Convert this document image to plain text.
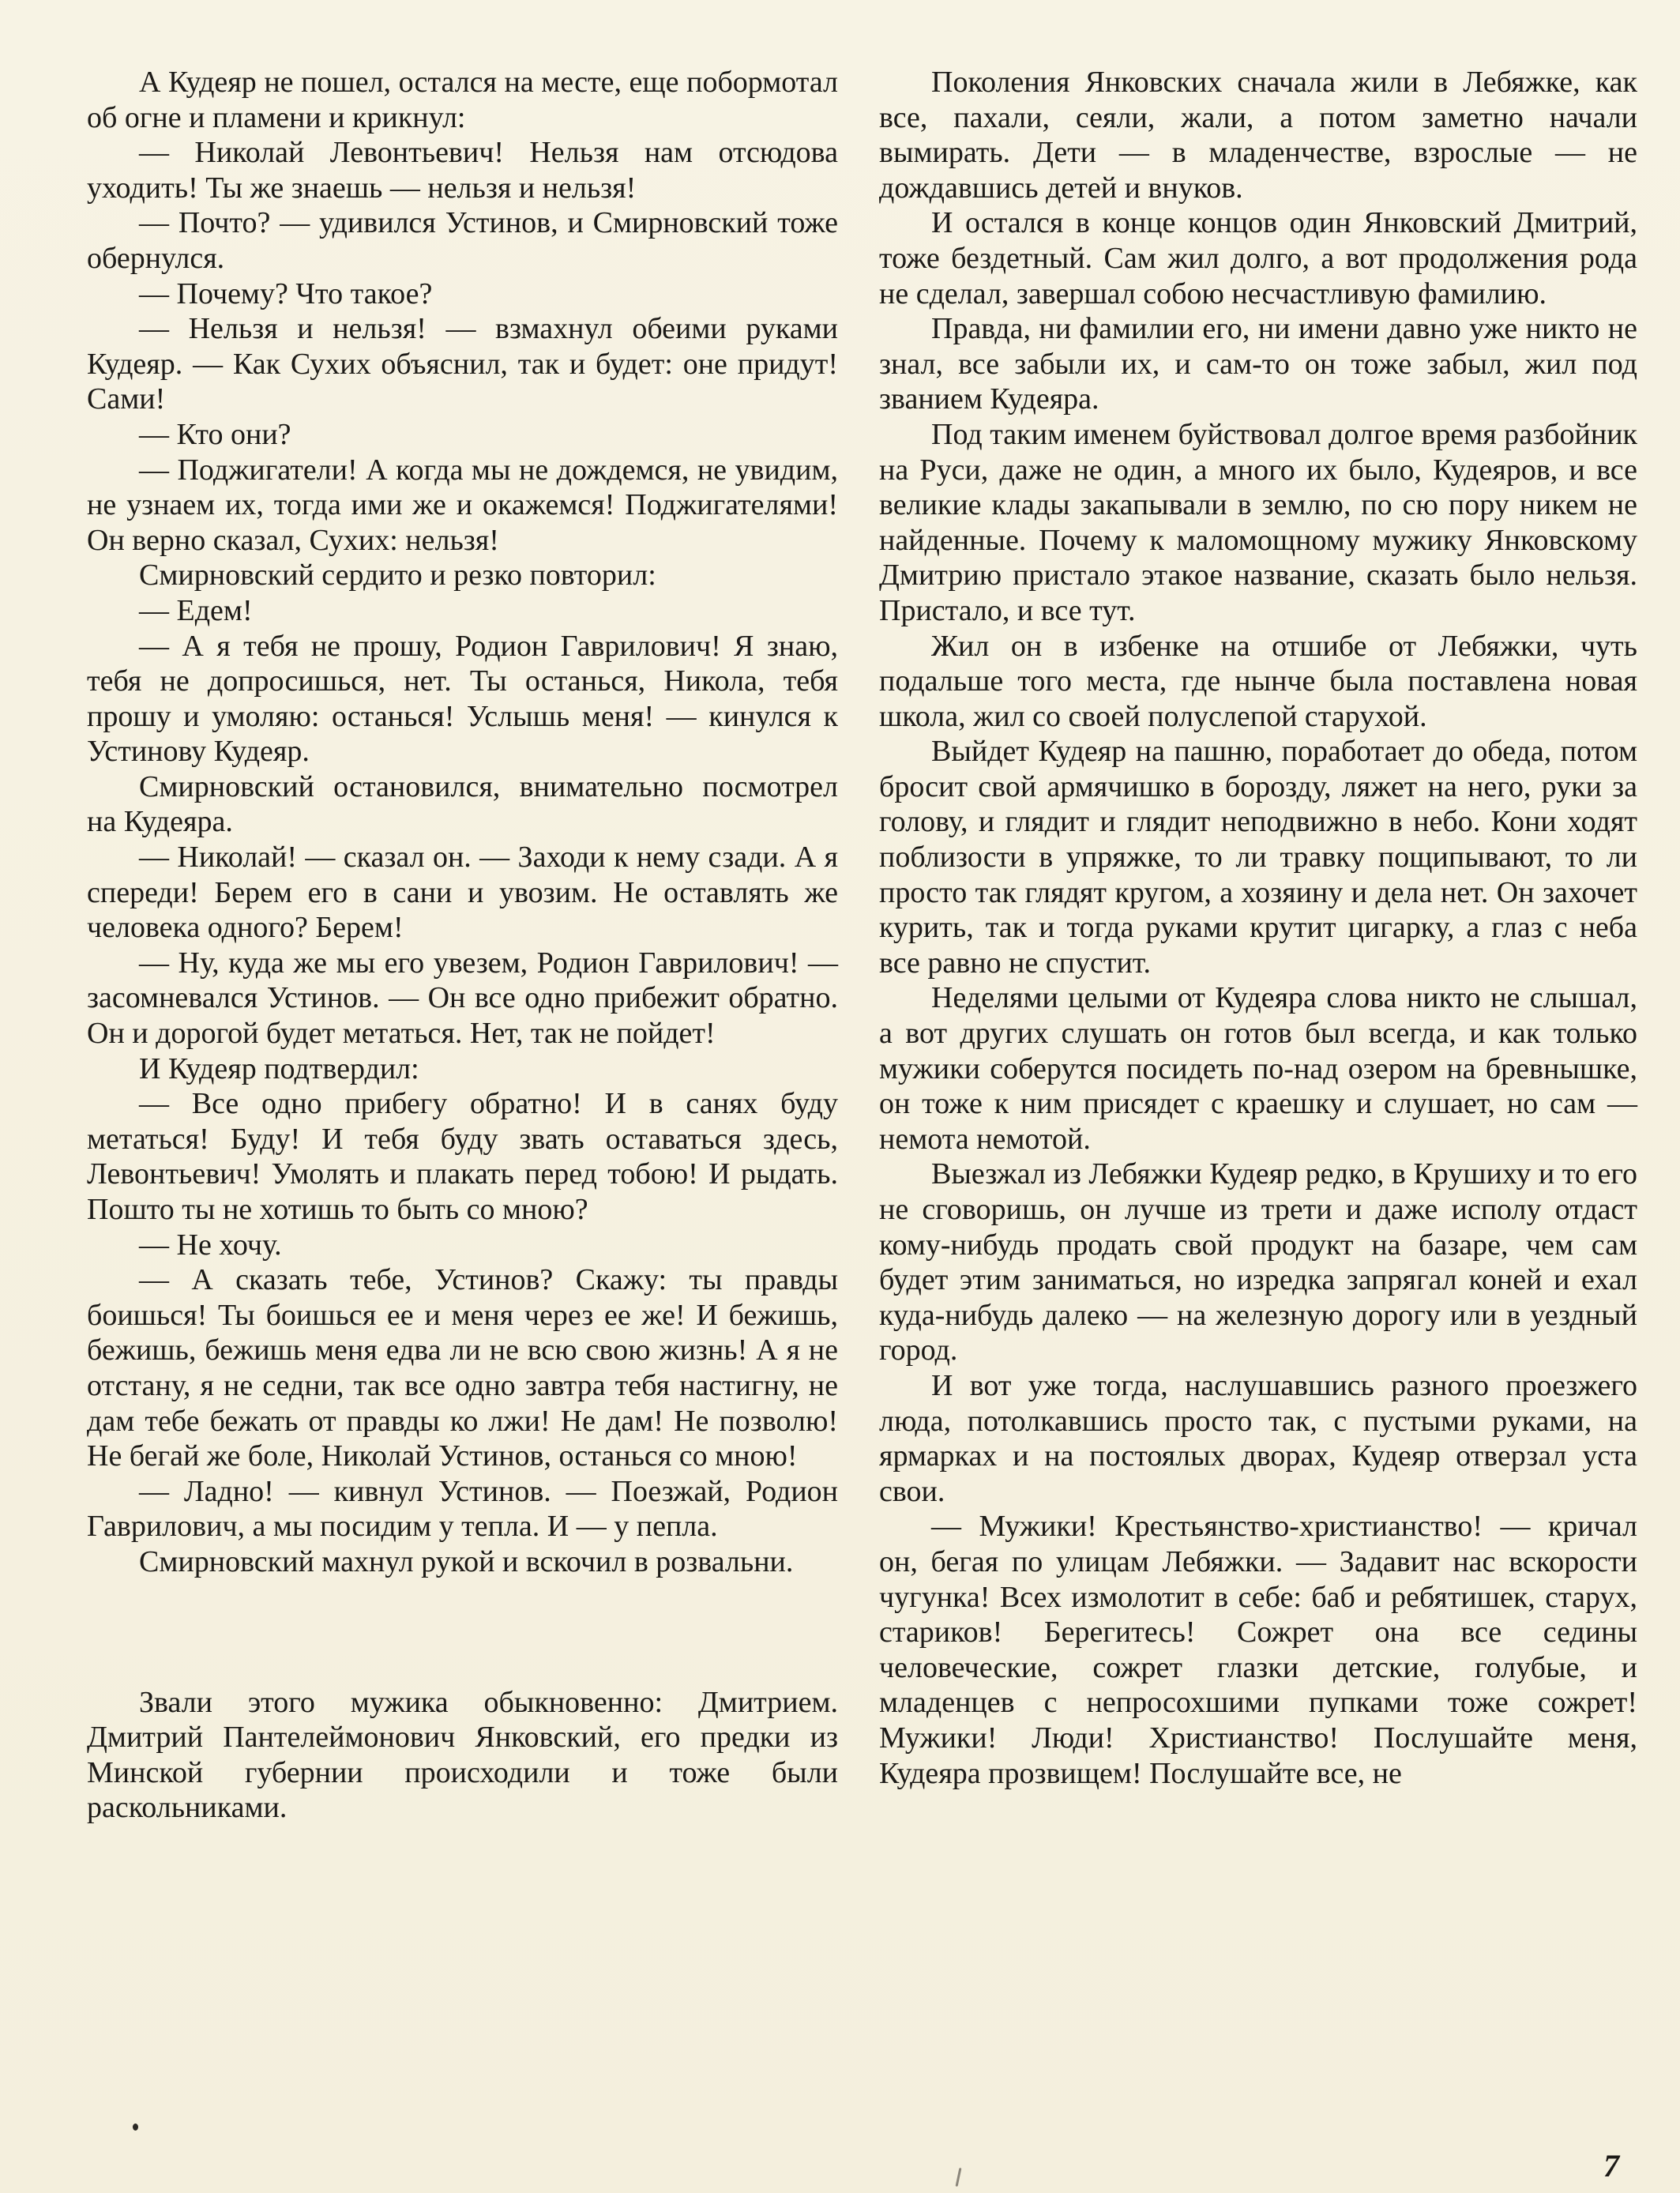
А Кудеяр не пошел, остался на месте, еще побормотал об огне и пламени и крикнул:

— Николай Левонтьевич! Нельзя нам отсюдова уходить! Ты же знаешь — нельзя и нельзя!

— Почто? — удивился Устинов, и Смирновский тоже обернулся.

— Почему? Что такое?

— Нельзя и нельзя! — взмахнул обеими руками Кудеяр. — Как Сухих объяснил, так и будет: оне придут! Сами!

— Кто они?

— Поджигатели! А когда мы не дождемся, не увидим, не узнаем их, тогда ими же и окажемся! Поджигателями! Он верно сказал, Сухих: нельзя!

Смирновский сердито и резко повторил:

— Едем!

— А я тебя не прошу, Родион Гаврилович! Я знаю, тебя не допросишься, нет. Ты останься, Никола, тебя прошу и умоляю: останься! Услышь меня! — кинулся к Устинову Кудеяр.

Смирновский остановился, внимательно посмотрел на Кудеяра.

— Николай! — сказал он. — Заходи к нему сзади. А я спереди! Берем его в сани и увозим. Не оставлять же человека одного? Берем!

— Ну, куда же мы его увезем, Родион Гаврилович! — засомневался Устинов. — Он все одно прибежит обратно. Он и дорогой будет метаться. Нет, так не пойдет!

И Кудеяр подтвердил:

— Все одно прибегу обратно! И в санях буду метаться! Буду! И тебя буду звать оставаться здесь, Левонтьевич! Умолять и плакать перед тобою! И рыдать. Пошто ты не хотишь то быть со мною?

— Не хочу.

— А сказать тебе, Устинов? Скажу: ты правды боишься! Ты боишься ее и меня через ее же! И бежишь, бежишь, бежишь меня едва ли не всю свою жизнь! А я не отстану, я не седни, так все одно завтра тебя настигну, не дам тебе бежать от правды ко лжи! Не дам! Не позволю! Не бегай же боле, Николай Устинов, останься со мною!

— Ладно! — кивнул Устинов. — Поезжай, Родион Гаврилович, а мы посидим у тепла. И — у пепла.

Смирновский махнул рукой и вскочил в розвальни.

Звали этого мужика обыкновенно: Дмитрием. Дмитрий Пантелеймонович Янковский, его предки из Минской губернии происходили и тоже были раскольниками.

Поколения Янковских сначала жили в Лебяжке, как все, пахали, сеяли, жали, а потом заметно начали вымирать. Дети — в младенчестве, взрослые — не дождавшись детей и внуков.

И остался в конце концов один Янковский Дмитрий, тоже бездетный. Сам жил долго, а вот продолжения рода не сделал, завершал собою несчастливую фамилию.

Правда, ни фамилии его, ни имени давно уже никто не знал, все забыли их, и сам-то он тоже забыл, жил под званием Кудеяра.

Под таким именем буйствовал долгое время разбойник на Руси, даже не один, а много их было, Кудеяров, и все великие клады закапывали в землю, по сю пору никем не найденные. Почему к маломощному мужику Янковскому Дмитрию пристало этакое название, сказать было нельзя. Пристало, и все тут.

Жил он в избенке на отшибе от Лебяжки, чуть подальше того места, где нынче была поставлена новая школа, жил со своей полуслепой старухой.

Выйдет Кудеяр на пашню, поработает до обеда, потом бросит свой армячишко в борозду, ляжет на него, руки за голову, и глядит и глядит неподвижно в небо. Кони ходят поблизости в упряжке, то ли травку пощипывают, то ли просто так глядят кругом, а хозяину и дела нет. Он захочет курить, так и тогда руками крутит цигарку, а глаз с неба все равно не спустит.

Неделями целыми от Кудеяра слова никто не слышал, а вот других слушать он готов был всегда, и как только мужики соберутся посидеть по-над озером на бревнышке, он тоже к ним присядет с краешку и слушает, но сам — немота немотой.

Выезжал из Лебяжки Кудеяр редко, в Крушиху и то его не сговоришь, он лучше из трети и даже исполу отдаст кому-нибудь продать свой продукт на базаре, чем сам будет этим заниматься, но изредка запрягал коней и ехал куда-нибудь далеко — на железную дорогу или в уездный город.

И вот уже тогда, наслушавшись разного проезжего люда, потолкавшись просто так, с пустыми руками, на ярмарках и на постоялых дворах, Кудеяр отверзал уста свои.

— Мужики! Крестьянство-христианство! — кричал он, бегая по улицам Лебяжки. — Задавит нас вскорости чугунка! Всех измолотит в себе: баб и ребятишек, старух, стариков! Берегитесь! Сожрет она все седины человеческие, сожрет глазки детские, голубые, и младенцев с непросохшими пупками тоже сожрет! Мужики! Люди! Христианство! Послушайте меня, Кудеяра прозвищем! Послушайте все, не

7
